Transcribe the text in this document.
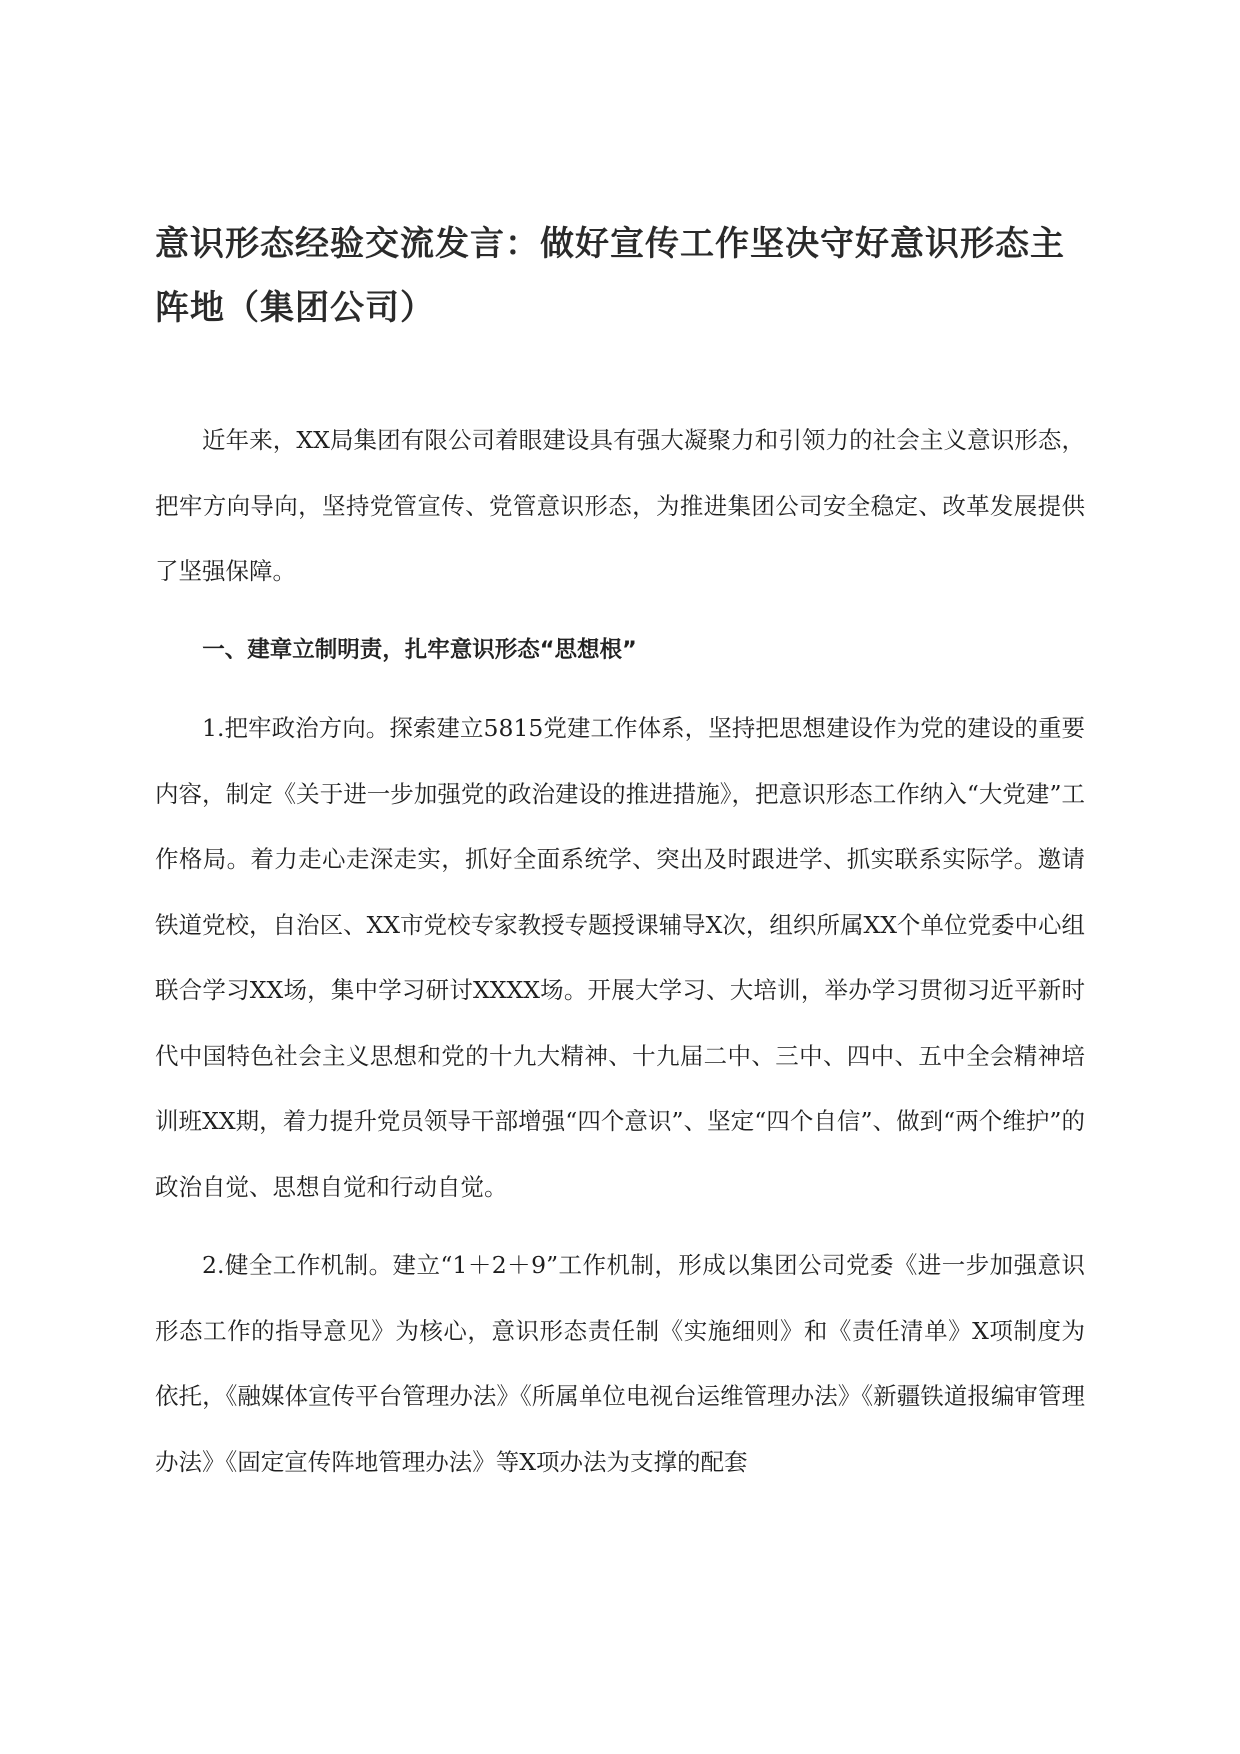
意识形态经验交流发言：做好宣传工作坚决守好意识形态主阵地（集团公司）

近年来，XX局集团有限公司着眼建设具有强大凝聚力和引领力的社会主义意识形态，把牢方向导向，坚持党管宣传、党管意识形态，为推进集团公司安全稳定、改革发展提供了坚强保障。

一、建章立制明责，扎牢意识形态“思想根”

1.把牢政治方向。探索建立5815党建工作体系，坚持把思想建设作为党的建设的重要内容，制定《关于进一步加强党的政治建设的推进措施》，把意识形态工作纳入“大党建”工作格局。着力走心走深走实，抓好全面系统学、突出及时跟进学、抓实联系实际学。邀请铁道党校，自治区、XX市党校专家教授专题授课辅导X次，组织所属XX个单位党委中心组联合学习XX场，集中学习研讨XXXX场。开展大学习、大培训，举办学习贯彻习近平新时代中国特色社会主义思想和党的十九大精神、十九届二中、三中、四中、五中全会精神培训班XX期，着力提升党员领导干部增强“四个意识”、坚定“四个自信”、做到“两个维护”的政治自觉、思想自觉和行动自觉。

2.健全工作机制。建立“1＋2＋9”工作机制，形成以集团公司党委《进一步加强意识形态工作的指导意见》为核心，意识形态责任制《实施细则》和《责任清单》X项制度为依托，《融媒体宣传平台管理办法》《所属单位电视台运维管理办法》《新疆铁道报编审管理办法》《固定宣传阵地管理办法》等X项办法为支撑的配套
